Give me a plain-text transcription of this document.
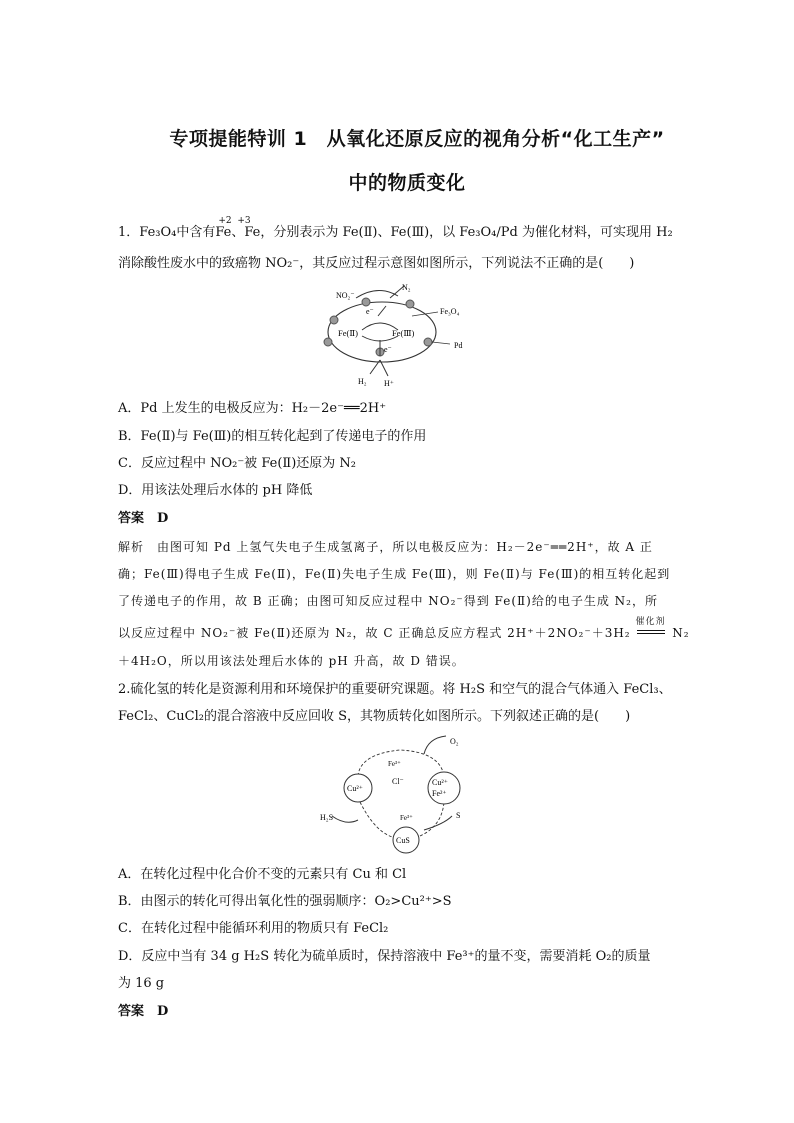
专项提能特训 1　从氧化还原反应的视角分析“化工生产”
中的物质变化
1．Fe₃O₄中含有
+2 +3
Fe、Fe，分别表示为 Fe(Ⅱ)、Fe(Ⅲ)，以 Fe₃O₄/Pd 为催化材料，可实现用 H₂
消除酸性废水中的致癌物 NO₂⁻，其反应过程示意图如图所示，下列说法不正确的是(　　)
NO₂⁻
N₂
e⁻	Fe₃O₄
Fe(Ⅱ)	Fe(Ⅲ)
e⁻	Pd
H₂ H⁺
A．Pd 上发生的电极反应为：H₂－2e⁻══2H⁺
B．Fe(Ⅱ)与 Fe(Ⅲ)的相互转化起到了传递电子的作用
C．反应过程中 NO₂⁻被 Fe(Ⅱ)还原为 N₂
D．用该法处理后水体的 pH 降低
答案　D
解析　由图可知 Pd 上氢气失电子生成氢离子，所以电极反应为：H₂－2e⁻══2H⁺，故 A 正
确；Fe(Ⅲ)得电子生成 Fe(Ⅱ)，Fe(Ⅱ)失电子生成 Fe(Ⅲ)，则 Fe(Ⅱ)与 Fe(Ⅲ)的相互转化起到
了传递电子的作用，故 B 正确；由图可知反应过程中 NO₂⁻得到 Fe(Ⅱ)给的电子生成 N₂，所
以反应过程中 NO₂⁻被 Fe(Ⅱ)还原为 N₂，故 C 正确总反应方程式 2H⁺＋2NO₂⁻＋3H₂
催化剂
N₂
＋4H₂O，所以用该法处理后水体的 pH 升高，故 D 错误。
2.硫化氢的转化是资源利用和环境保护的重要研究课题。将 H₂S 和空气的混合气体通入 FeCl₃、
FeCl₂、CuCl₂的混合溶液中反应回收 S，其物质转化如图所示。下列叙述正确的是(　　)
O₂
Cu²⁺
Fe³⁺
Cl⁻	Cu²⁺
Fe²⁺
H₂S	Fe³⁺
CuS
S
A．在转化过程中化合价不变的元素只有 Cu 和 Cl
B．由图示的转化可得出氧化性的强弱顺序：O₂>Cu²⁺>S
C．在转化过程中能循环利用的物质只有 FeCl₂
D．反应中当有 34 g H₂S 转化为硫单质时，保持溶液中 Fe³⁺的量不变，需要消耗 O₂的质量
为 16 g
答案　D
